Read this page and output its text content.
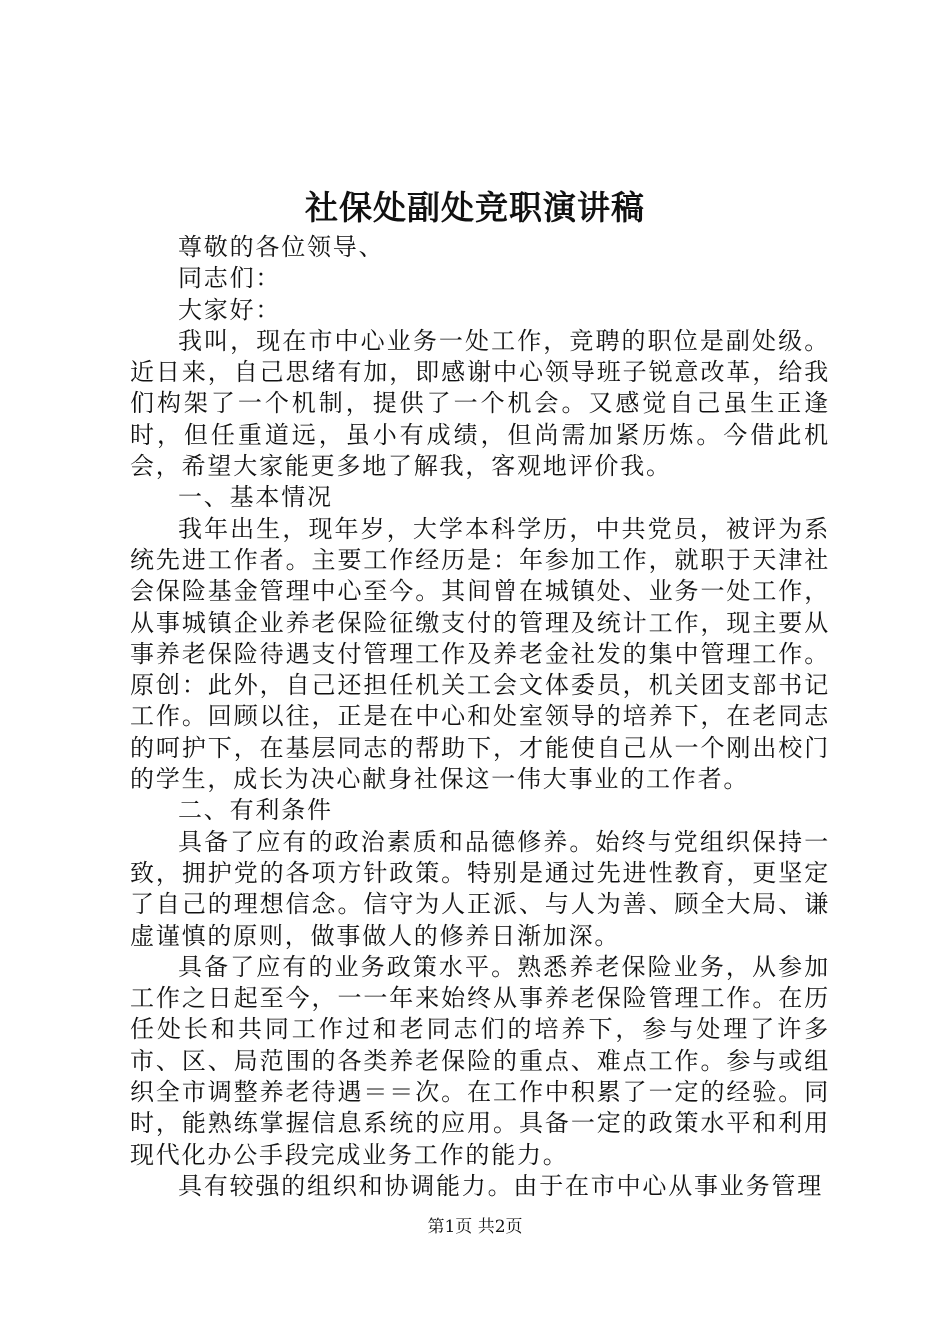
社保处副处竞职演讲稿

尊敬的各位领导、

同志们：

大家好：

我叫，现在市中心业务一处工作，竞聘的职位是副处级。近日来，自己思绪有加，即感谢中心领导班子锐意改革，给我们构架了一个机制，提供了一个机会。又感觉自己虽生正逢时，但任重道远，虽小有成绩，但尚需加紧历炼。今借此机会，希望大家能更多地了解我，客观地评价我。

一、基本情况

我年出生，现年岁，大学本科学历，中共党员，被评为系统先进工作者。主要工作经历是：年参加工作，就职于天津社会保险基金管理中心至今。其间曾在城镇处、业务一处工作，从事城镇企业养老保险征缴支付的管理及统计工作，现主要从事养老保险待遇支付管理工作及养老金社发的集中管理工作。原创：此外，自己还担任机关工会文体委员，机关团支部书记工作。回顾以往，正是在中心和处室领导的培养下，在老同志的呵护下，在基层同志的帮助下，才能使自己从一个刚出校门的学生，成长为决心献身社保这一伟大事业的工作者。

二、有利条件

具备了应有的政治素质和品德修养。始终与党组织保持一致，拥护党的各项方针政策。特别是通过先进性教育，更坚定了自己的理想信念。信守为人正派、与人为善、顾全大局、谦虚谨慎的原则，做事做人的修养日渐加深。

具备了应有的业务政策水平。熟悉养老保险业务，从参加工作之日起至今，一一年来始终从事养老保险管理工作。在历任处长和共同工作过和老同志们的培养下，参与处理了许多市、区、局范围的各类养老保险的重点、难点工作。参与或组织全市调整养老待遇＝＝次。在工作中积累了一定的经验。同时，能熟练掌握信息系统的应用。具备一定的政策水平和利用现代化办公手段完成业务工作的能力。

具有较强的组织和协调能力。由于在市中心从事业务管理

第1页 共2页
